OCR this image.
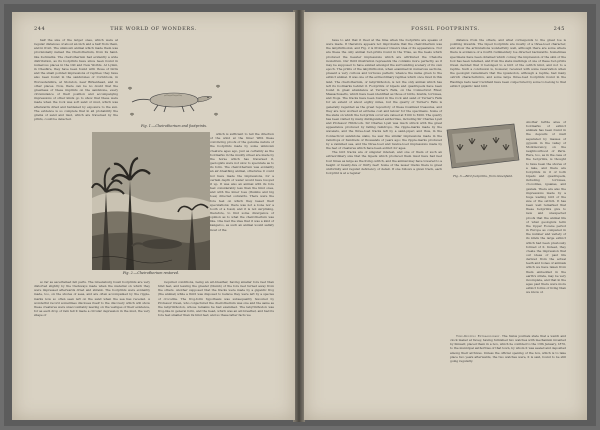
244	THE WORLD OF WONDERS.

half the size of the larger ones, which were at regular distances of about an inch and a half from them, and in front. The unknown animal which made them was provisionally named the Cheirotherium, from its hand-like footmarks. The cheirotherium had evidently a wide distribution, as its footprints have since been found in numerous places in the Old and New Worlds. At Lymm, in Cheshire, they have been found with those of birds and the small pointed impressions of reptiles; they have also been found in the sandstones of Cornbrook, in Worcestershire, at Storeton, near Birkenhead, and in other places. Now, there can be no doubt that the greatness of these imprints on the sandstone, every circumstance of their position and accompanying impressions of other kinds go to show that these were made when the rock was soft sand or mud, which was afterwards dried and hardened by exposure to the sun. The evidence is so complete that in all probability the grains of sand and mud, which are traversed by the prints, could be detected.

Fig. 1.—Cheirotherium and footprints.
Fig. 2.—Cheirotherium restored.

which is sufficient to tell the direction of the wind at the time! With these convincing proofs of the genuine nature of the footprints made by some unknown creature ages ago, just as certainly as the footmarks in the muddy street are made by the horse which has traversed it, geologists were not slow to speculate as to its form. The cheirotherium was evidently an air-breathing animal, otherwise it could not have made the impressions, for a certain depth of water would have buoyed it up. It was also an animal with its fore feet considerably less than the hind ones, and with the inner toes (thumbs and big toes) directed outwards. There were the fore feet on which they based their speculations; there was not a bone nor a tooth of a fossil, and it is not surprising, therefore, to find some divergence of opinion as to what the cheirotherium was like. One had the idea that it was a kind of kangaroo, as such an animal would satisfy most of the

so far as ascertained fell parts. The Greensburg fossil footprints are very distorted slightly by the trackways made when the material on which they were impressed afterwards dried and shrank. The footprints were evidently made, too, on the shores of seas, and are often accompanied by the ripple-marks now so often seen left on the sand when the sea has receded. A wonderful record sometimes discloses itself to the discovery which will show these creatures were unaccountably leaving on the vestiges of their existence, for as each drop of rain fell it made a circular depression in the mud, the very shape of

required conditions, being an air-breather, having smaller fore feet than hind feet, and leaving the greater (thumb) of the fore feet turned away from the others. Another supposed that the tracks were made by a gigantic frog (the animal) while a third was disposed to believe they were left by a species of crocodile. The frog-form hypothesis was subsequently favoured by Professor Owen, who conjectured the cheirotherium was one and the same as the labyrinthodon, whose remains he had examined. The labyrinthodon was frog-like in general form, and the head, which was an air-breather, and had its fore feet smaller than its hind feet; and so these latter facts we

FOSSIL FOOTPRINTS.	245

have to add that it lived at the time when the footprints are speaks of were made. It therefore appears not improbable that the cheirotherium was the labyrinthodon; and Fig. 2 is Professor Owen's idea of its appearance. Nor are these the only animal foot-prints found in the Trias, as the heels which produced the heavier impressions which are attributed the Cheloria monstrum. Our third illustration represents the contains more perfectly, as it may be supposed to have existed amongst the surrounding scenery of its own epoch. The prints of the labyrinthodon, when examined in numerous sections, present a very curious and tortuous pattern; whence the name given to the extinct animal. It was one of the extraordinary reptiles which once lived in this land. The cheirotherium, or labyrinthodon, is not the only animal which has left its footmarks behind it. Footprints of bipeds and quadrupeds have been found in great abundance at Turner's Falls, on the Connecticut River, Massachusetts, which have been identified as those of birds, lizards, tortoises, and frogs. The tracks have been found in the rock and sand of Turner's Falls for an extent of about eighty miles, but the quarry of Turner's Falls is generally regarded as the great repository of these fossilized treasures, and they are now worked at extreme cost and labour for the specimens. Some of the slabs on which the footprints occur are valued at £100 to £200. The quarry has been visited by many distinguished authorities, including Sir Charles Lyell and Professor Hitchcock. Sir Charles Lyell was much struck with the great appearance produced by falling raindrops, the ripple-marks made by the wavelets, and the three-toed tracks left by a sand-piper; and thus, in the Connecticut sandstone slabs, he saw the similar impressions made in the raindrops of hundreds of thousands of years ago; the ripple-marks produced by a vanished sea, and the three-toed and twelve-toed impressions made by the feet of creatures which have been extinct for ages.

The bird tracks are of singular interest, and one of them of such an extraordinary size that the bipeds which produced them must have had feet four times as large as the living ostrich, and the animal may have towered to a height of twenty-five or thirty feet! Some of the lesser tracks there is great uniformity and regular deficiency of detail. If one follows a given track, each footprint is at a regular

distance from the others, and what corresponds to the great toe is pointing inwards. The biped footprints are mostly of a three-toed character, and show the articulations wonderfully well, although there are some where there is evidence of a fourth rudimentary toe directed backwards. Sometimes specimens have been obtained which convey the impression of the skin of the foot has been retained, and from the slabs markings of one of these foot-prints Owen decided that it belonged to a bird of the ostrich kind, and not to a reptile. Such a conclusion is, however, received with some reservation when the geologist remembers that the iguanodon, although a reptile, had many ostrich characteristics, and some large three-toed footprints found in the Hastings beds near Cuckfield have been conjectured by some to belong to that extinct gigantic land bird.

Fig. 3.—Bird footprints, from Greenfield.

Another fertile area of footmarks of extinct animals has been found in the deposits of marl separated by masses of gypsum in the valley of Montmorency, on the neighbourhood of Paris. Here, too, as in the case of the footprints, is thought to have been the shores of a lake, and there are footprints in it of both bipeds and quadrupeds, including tortoises, crocodiles, iguanas, and gavials. There are also the impressions made by a huge wading bird of the size of the ostrich. It has been well remarked that these footprints give to new and unexpected proofs that the animal life of what geologists term the Upper Eocene period in Europe as compared in the number and variety of its kinds the large extinct which had been previously formed of it. Indeed, they create the impression that our ideas of past life derived from the actual teeth and bones of animals which we have taken from them embedded in the earth's strata, may be very incomplete, and that in the ages past there were more extinct forms of living than we know of.

Time-Keeping Extraordinary. The Swiss journals state that a watch and clock maker at Vevey, having furnished two watches with mechanism invented by himself, placed them in a box, which he confided to the 13th January, 1870, to the municipal authorities of that town, by whom it was sealed and deposited among their archives. Unless the official opening of the box, which is to take place two years afterwards, the two watches were, it is said, found to be still going regularly.
